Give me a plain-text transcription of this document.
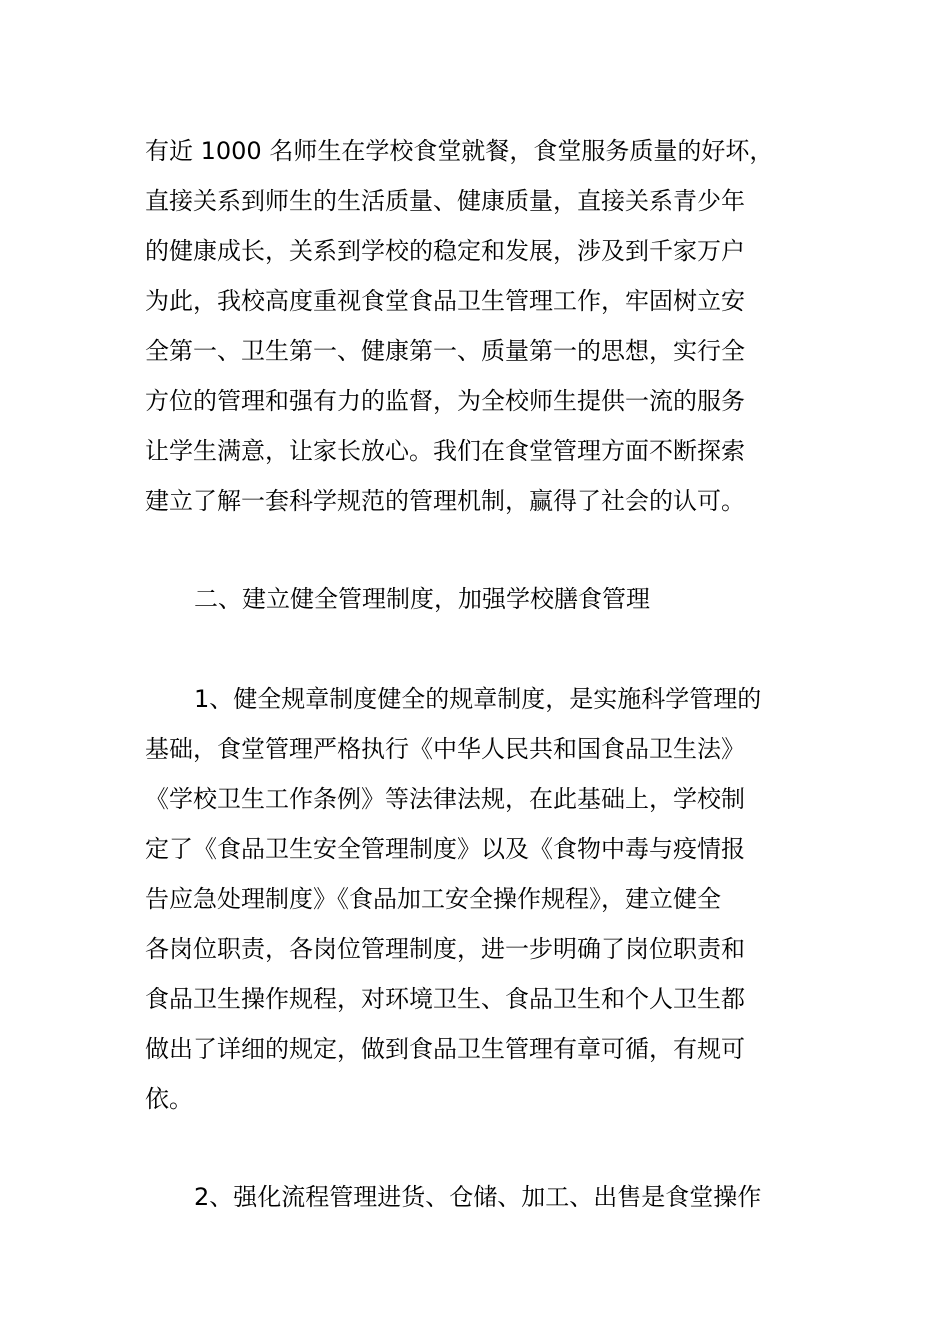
有近 1000 名师生在学校食堂就餐，食堂服务质量的好坏，
直接关系到师生的生活质量、健康质量，直接关系青少年
的健康成长，关系到学校的稳定和发展，涉及到千家万户
为此，我校高度重视食堂食品卫生管理工作，牢固树立安
全第一、卫生第一、健康第一、质量第一的思想，实行全
方位的管理和强有力的监督，为全校师生提供一流的服务
让学生满意，让家长放心。我们在食堂管理方面不断探索
建立了解一套科学规范的管理机制，赢得了社会的认可。
二、建立健全管理制度，加强学校膳食管理
1、健全规章制度健全的规章制度，是实施科学管理的
基础，食堂管理严格执行《中华人民共和国食品卫生法》
《学校卫生工作条例》等法律法规，在此基础上，学校制
定了《食品卫生安全管理制度》以及《食物中毒与疫情报
告应急处理制度》《食品加工安全操作规程》，建立健全
各岗位职责，各岗位管理制度，进一步明确了岗位职责和
食品卫生操作规程，对环境卫生、食品卫生和个人卫生都
做出了详细的规定，做到食品卫生管理有章可循，有规可
依。
2、强化流程管理进货、仓储、加工、出售是食堂操作
